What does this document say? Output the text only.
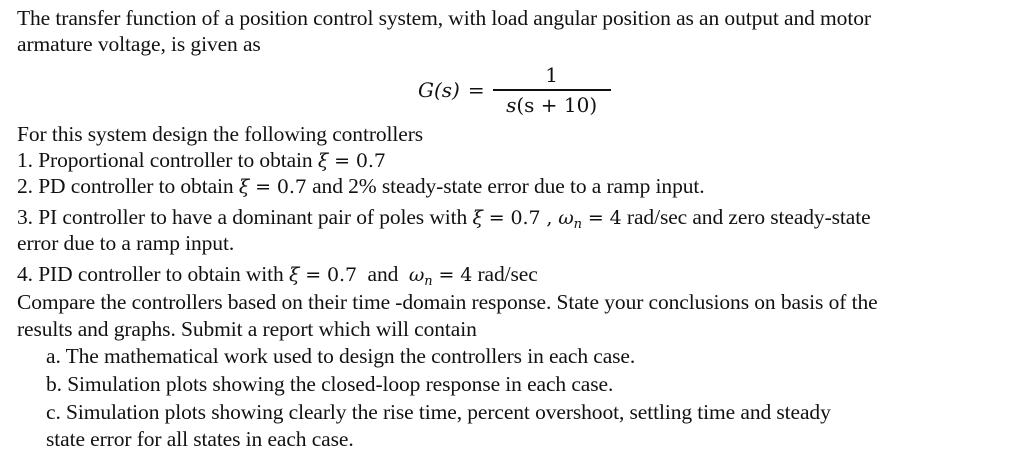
The transfer function of a position control system, with load angular position as an output and motor
armature voltage, is given as
$G(s) = \frac{1}{s(s + 10)}$
For this system design the following controllers
1. Proportional controller to obtain ξ = 0.7
2. PD controller to obtain ξ = 0.7 and 2% steady-state error due to a ramp input.
3. PI controller to have a dominant pair of poles with ξ = 0.7 , $\omega_n = 4$ rad/sec and zero steady-state
error due to a ramp input.
4. PID controller to obtain with ξ = 0.7  and  $\omega_n = 4$ rad/sec
Compare the controllers based on their time -domain response. State your conclusions on basis of the
results and graphs. Submit a report which will contain
a. The mathematical work used to design the controllers in each case.
b. Simulation plots showing the closed-loop response in each case.
c. Simulation plots showing clearly the rise time, percent overshoot, settling time and steady
state error for all states in each case.
